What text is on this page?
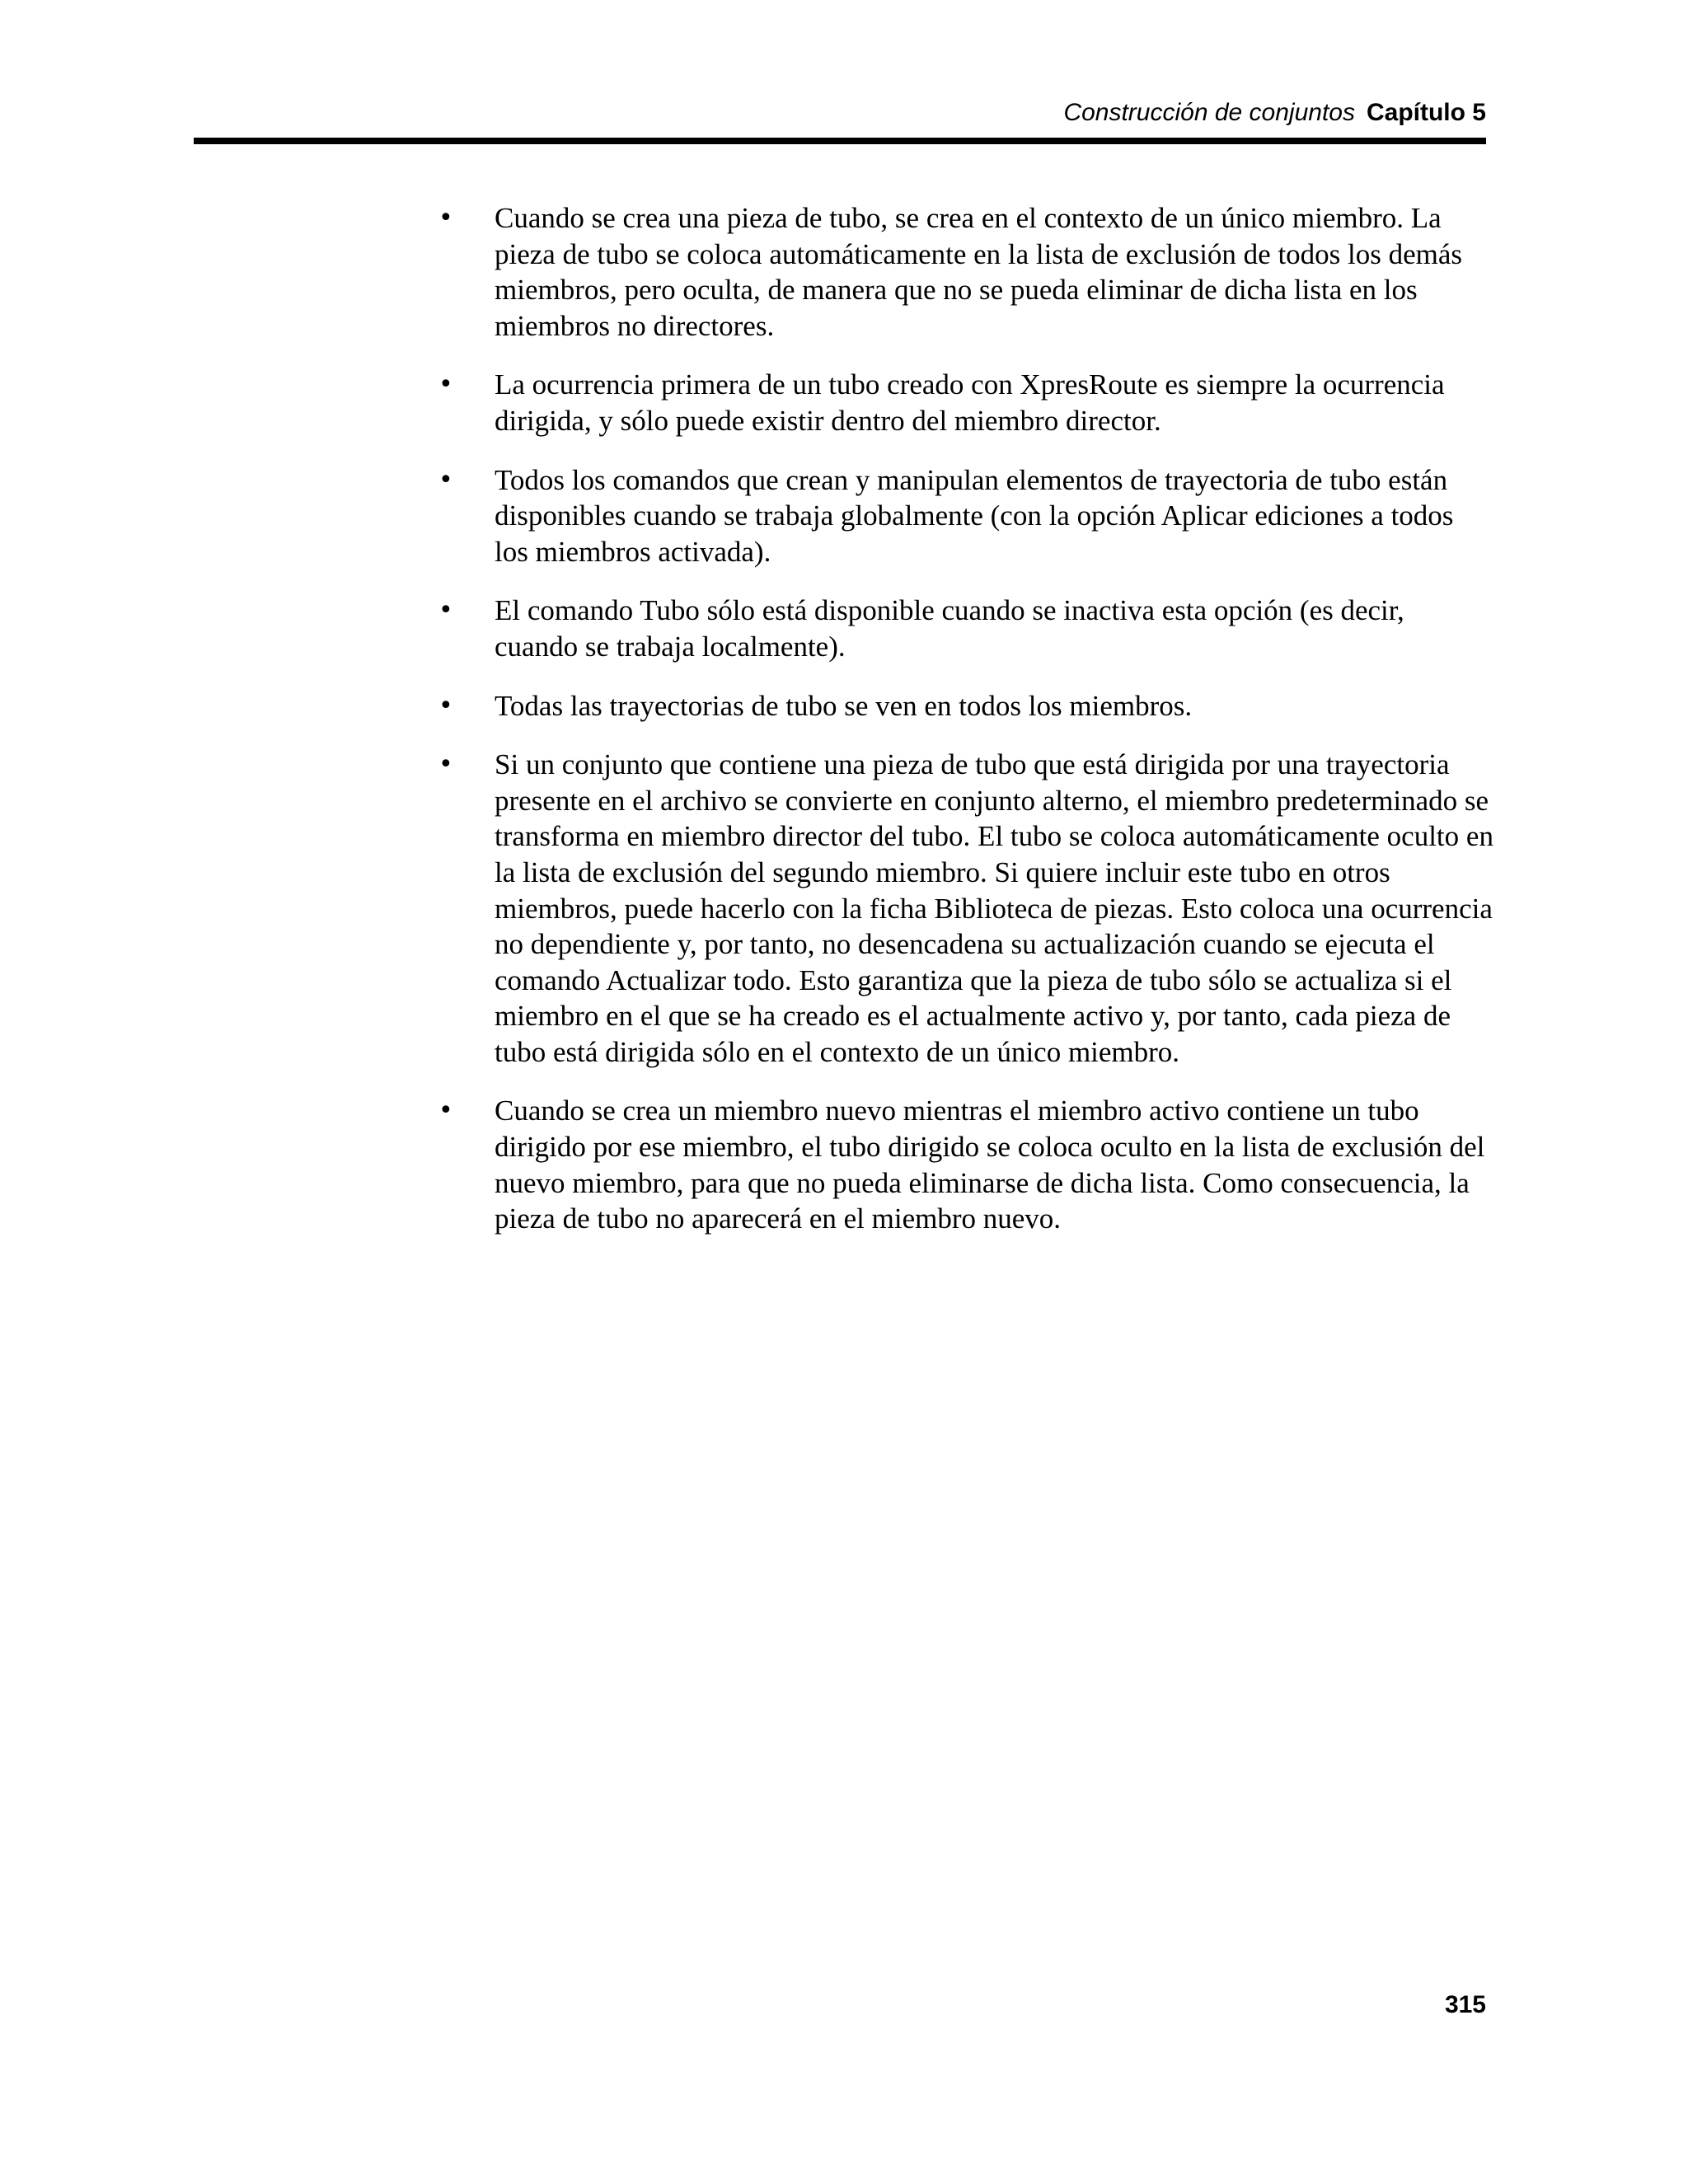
Construcción de conjuntos Capítulo 5
•	Cuando se crea una pieza de tubo, se crea en el contexto de un único miembro. La pieza de tubo se coloca automáticamente en la lista de exclusión de todos los demás miembros, pero oculta, de manera que no se pueda eliminar de dicha lista en los miembros no directores.
•	La ocurrencia primera de un tubo creado con XpresRoute es siempre la ocurrencia dirigida, y sólo puede existir dentro del miembro director.
•	Todos los comandos que crean y manipulan elementos de trayectoria de tubo están disponibles cuando se trabaja globalmente (con la opción Aplicar ediciones a todos los miembros activada).
•	El comando Tubo sólo está disponible cuando se inactiva esta opción (es decir, cuando se trabaja localmente).
•	Todas las trayectorias de tubo se ven en todos los miembros.
•	Si un conjunto que contiene una pieza de tubo que está dirigida por una trayectoria presente en el archivo se convierte en conjunto alterno, el miembro predeterminado se transforma en miembro director del tubo. El tubo se coloca automáticamente oculto en la lista de exclusión del segundo miembro. Si quiere incluir este tubo en otros miembros, puede hacerlo con la ficha Biblioteca de piezas. Esto coloca una ocurrencia no dependiente y, por tanto, no desencadena su actualización cuando se ejecuta el comando Actualizar todo. Esto garantiza que la pieza de tubo sólo se actualiza si el miembro en el que se ha creado es el actualmente activo y, por tanto, cada pieza de tubo está dirigida sólo en el contexto de un único miembro.
•	Cuando se crea un miembro nuevo mientras el miembro activo contiene un tubo dirigido por ese miembro, el tubo dirigido se coloca oculto en la lista de exclusión del nuevo miembro, para que no pueda eliminarse de dicha lista. Como consecuencia, la pieza de tubo no aparecerá en el miembro nuevo.
315
